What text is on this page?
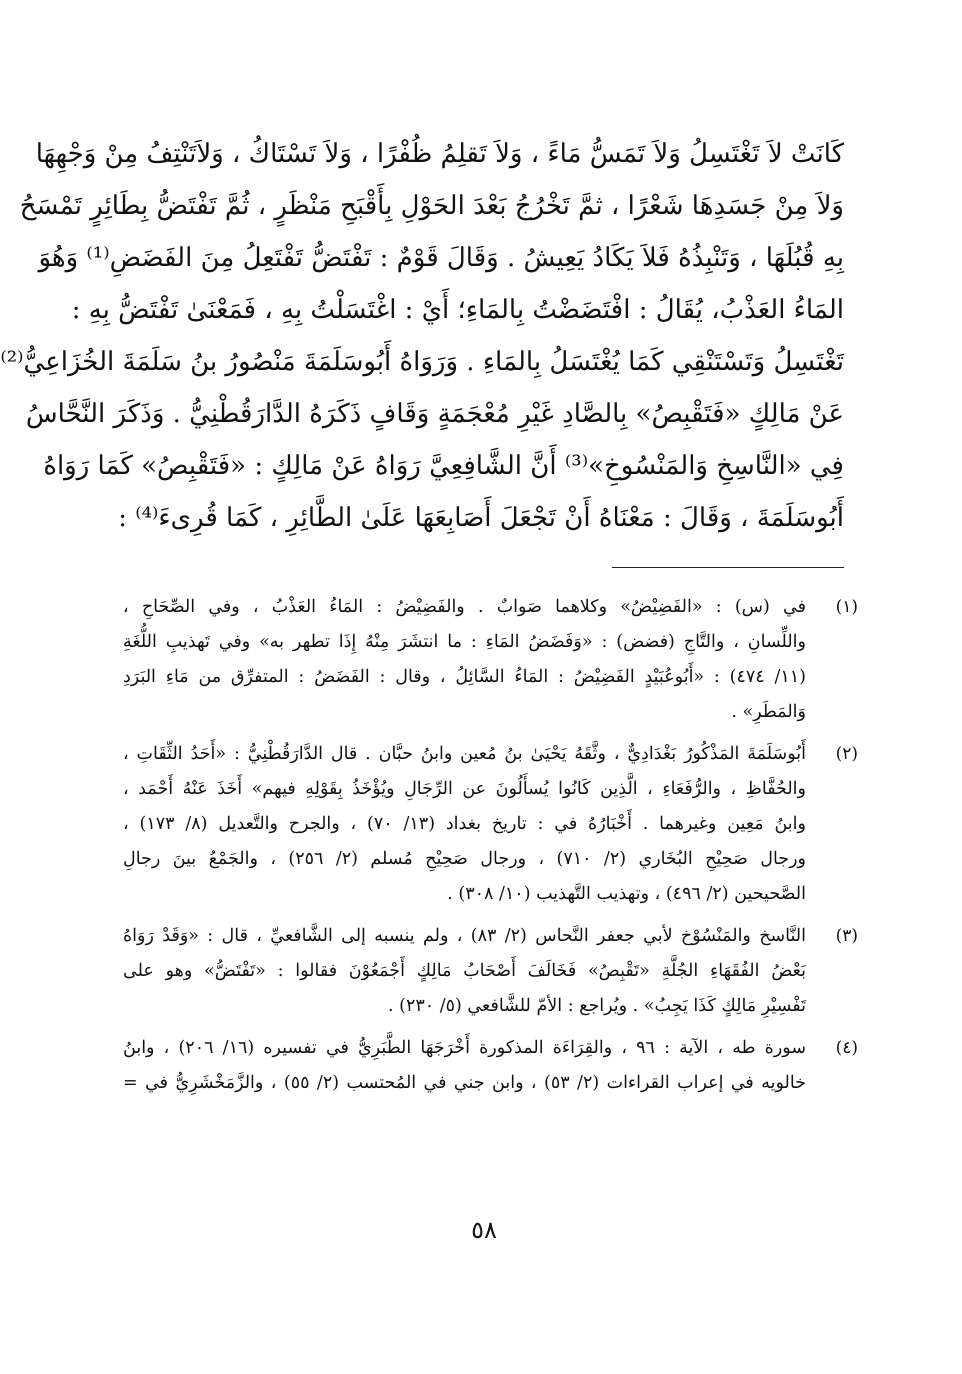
كَانَتْ لاَ تَغْتَسِلُ وَلاَ تَمَسُّ مَاءً ، وَلاَ تَقلِمُ ظُفْرًا ، وَلاَ تَسْتَاكُ ، وَلاَتَنْتِفُ مِنْ وَجْهِهَا
وَلاَ مِنْ جَسَدِهَا شَعْرًا ، ثمَّ تَخْرُجُ بَعْدَ الحَوْلِ بِأَقْبَحِ مَنْظَرٍ ، ثُمَّ تَفْتَضُّ بِطَائِرٍ تَمْسَحُ
بِهِ قُبُلَهَا ، وَتَنْبِذُهُ فَلاَ يَكَادُ يَعِيشُ . وَقَالَ قَوْمٌ : تَفْتَضُّ تَفْتَعِلُ مِنَ الفَضَضِ⁽¹⁾ وَهُوَ
المَاءُ العَذْبُ، يُقَالُ : افْتَضَضْتُ بِالمَاءِ؛ أَيْ : اغْتَسَلْتُ بِهِ ، فَمَعْنَىٰ تَفْتَضُّ بِهِ :
تَغْتَسِلُ وَتَسْتَنْقِي كَمَا يُغْتَسَلُ بِالمَاءِ . وَرَوَاهُ أَبُوسَلَمَةَ مَنْصُورُ بنُ سَلَمَةَ الخُزَاعِيُّ⁽²⁾
عَنْ مَالِكٍ «فَتَقْبِصُ» بِالصَّادِ غَيْرِ مُعْجَمَةٍ وَقَافٍ ذَكَرَهُ الدَّارَقُطْنِيُّ . وَذَكَرَ النَّحَّاسُ
فِي «النَّاسِخِ وَالمَنْسُوخِ»⁽³⁾ أَنَّ الشَّافِعِيَّ رَوَاهُ عَنْ مَالِكٍ : «فَتَقْبِصُ» كَمَا رَوَاهُ
أَبُوسَلَمَةَ ، وَقَالَ : مَعْنَاهُ أَنْ تَجْعَلَ أَصَابِعَهَا عَلَىٰ الطَّائِرِ ، كَمَا قُرِىءَ⁽⁴⁾ :
(١)
في (س) : «الفَضِيْضُ» وكلاهما صَوابٌ . والفَضِيْضُ : المَاءُ العَذْبُ ، وفي الصِّحَاحِ ،
واللِّسانِ ، والتَّاجِ (فضض) : «وَفَضَضُ المَاءِ : ما انتشَرَ مِنْهُ إِذَا تطهر به» وفي تَهذيبِ اللُّغَةِ
(١١/ ٤٧٤) : «أَبُوعُبَيْدٍ الفَضِيْضُ : المَاءُ السَّائِلُ ، وقال : الفَضَضُ : المتفرِّق من مَاءِ البَرَدِ
وَالمَطَرِ» .
(٢)
أَبُوسَلَمَةَ المَذْكُورُ بَغْدَادِيٌّ ، وثَّقَهُ يَحْيَىٰ بنُ مُعين وابنُ حبَّان . قال الدَّارَقُطْنِيُّ : «أَحَدُ الثِّقَاتِ ،
والحُفَّاظِ ، والرُّفَعَاءِ ، الَّذِين كَانُوا يُسأَلُونَ عن الرِّجَالِ ويُؤْخَذُ بِقَوْلِهِ فيهم» أَخَذَ عَنْهُ أَحْمَد ،
وابنُ مَعِين وغيرهما . أَخْبَارُهُ في : تاريخ بغداد (١٣/ ٧٠) ، والجرح والتَّعديل (٨/ ١٧٣) ،
ورجال صَحِيْحِ البُخَاري (٢/ ٧١٠) ، ورجال صَحِيْحِ مُسلم (٢/ ٢٥٦) ، والجَمْعُ بينَ رجالِ
الصَّحيحين (٢/ ٤٩٦) ، وتهذيب التَّهذيب (١٠/ ٣٠٨) .
(٣)
النَّاسخ والمَنْسُوْخ لأبي جعفر النَّحاس (٢/ ٨٣) ، ولم ينسبه إلى الشَّافعيِّ ، قال : «وَقَدْ رَوَاهُ
بَعْضُ الفُقَهَاءِ الجُلَّةِ «تَقْبِصُ» فَخَالَفَ أَصْحَابُ مَالِكٍ أَجْمَعُوْنَ فقالوا : «تَفْتَضُّ» وهو على
تَفْسِيْرِ مَالِكٍ كَذَا يَجِبُ» . ويُراجع : الأمّ للشَّافعي (٥/ ٢٣٠) .
(٤)
سورة طه ، الآية : ٩٦ ، والقِرَاءَة المذكورة أَخْرَجَهَا الطَّبَرِيُّ في تفسيره (١٦/ ٢٠٦) ، وابنُ
خالويه في إعراب القراءات (٢/ ٥٣) ، وابن جني في المُحتسب (٢/ ٥٥) ، والزَّمَخْشَرِيُّ في =
٥٨
